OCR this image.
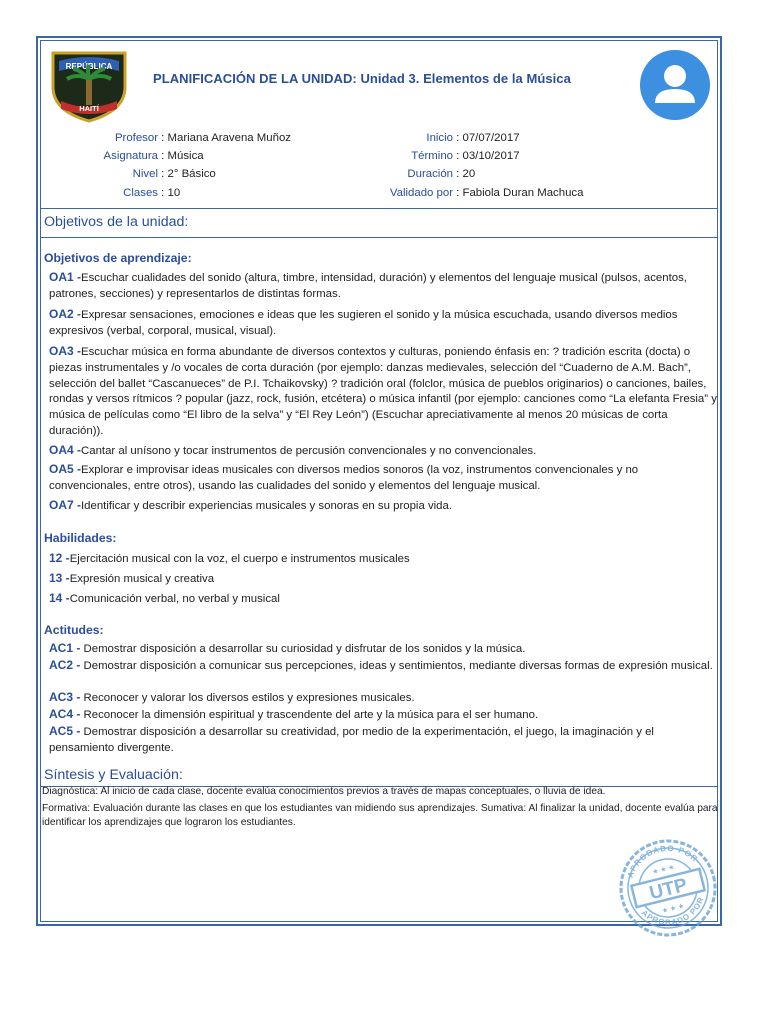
REPÚBLICA
HAITÍ
PLANIFICACIÓN DE LA UNIDAD: Unidad 3. Elementos de la Música
Profesor : Mariana Aravena Muñoz
Asignatura : Música
Nivel : 2° Básico
Clases : 10
Inicio : 07/07/2017
Término : 03/10/2017
Duración : 20
Validado por : Fabiola Duran Machuca
Objetivos de la unidad:
Objetivos de aprendizaje:
OA1 -Escuchar cualidades del sonido (altura, timbre, intensidad, duración) y elementos del lenguaje musical (pulsos, acentos, patrones, secciones) y representarlos de distintas formas.
OA2 -Expresar sensaciones, emociones e ideas que les sugieren el sonido y la música escuchada, usando diversos medios expresivos (verbal, corporal, musical, visual).
OA3 -Escuchar música en forma abundante de diversos contextos y culturas, poniendo énfasis en: ? tradición escrita (docta) o piezas instrumentales y /o vocales de corta duración (por ejemplo: danzas medievales, selección del “Cuaderno de A.M. Bach”, selección del ballet “Cascanueces” de P.I. Tchaikovsky) ? tradición oral (folclor, música de pueblos originarios) o canciones, bailes, rondas y versos rítmicos ? popular (jazz, rock, fusión, etcétera) o música infantil (por ejemplo: canciones como “La elefanta Fresia” y música de películas como “El libro de la selva” y “El Rey León”) (Escuchar apreciativamente al menos 20 músicas de corta duración)).
OA4 -Cantar al unísono y tocar instrumentos de percusión convencionales y no convencionales.
OA5 -Explorar e improvisar ideas musicales con diversos medios sonoros (la voz, instrumentos convencionales y no convencionales, entre otros), usando las cualidades del sonido y elementos del lenguaje musical.
OA7 -Identificar y describir experiencias musicales y sonoras en su propia vida.
Habilidades:
12 -Ejercitación musical con la voz, el cuerpo e instrumentos musicales
13 -Expresión musical y creativa
14 -Comunicación verbal, no verbal y musical
Actitudes:
AC1 - Demostrar disposición a desarrollar su curiosidad y disfrutar de los sonidos y la música.
AC2 - Demostrar disposición a comunicar sus percepciones, ideas y sentimientos, mediante diversas formas de expresión musical.
AC3 - Reconocer y valorar los diversos estilos y expresiones musicales.
AC4 - Reconocer la dimensión espiritual y trascendente del arte y la música para el ser humano.
AC5 - Demostrar disposición a desarrollar su creatividad, por medio de la experimentación, el juego, la imaginación y el pensamiento divergente.
Síntesis y Evaluación:
Diagnóstica: Al inicio de cada clase, docente evalúa conocimientos previos a través de mapas conceptuales, o lluvia de idea.
Formativa: Evaluación durante las clases en que los estudiantes van midiendo sus aprendizajes. Sumativa: Al finalizar la unidad, docente evalúa para identificar los aprendizajes que lograron los estudiantes.
APROBADO POR
APROBADO POR
UTP
★ ★ ★
★ ★ ★
